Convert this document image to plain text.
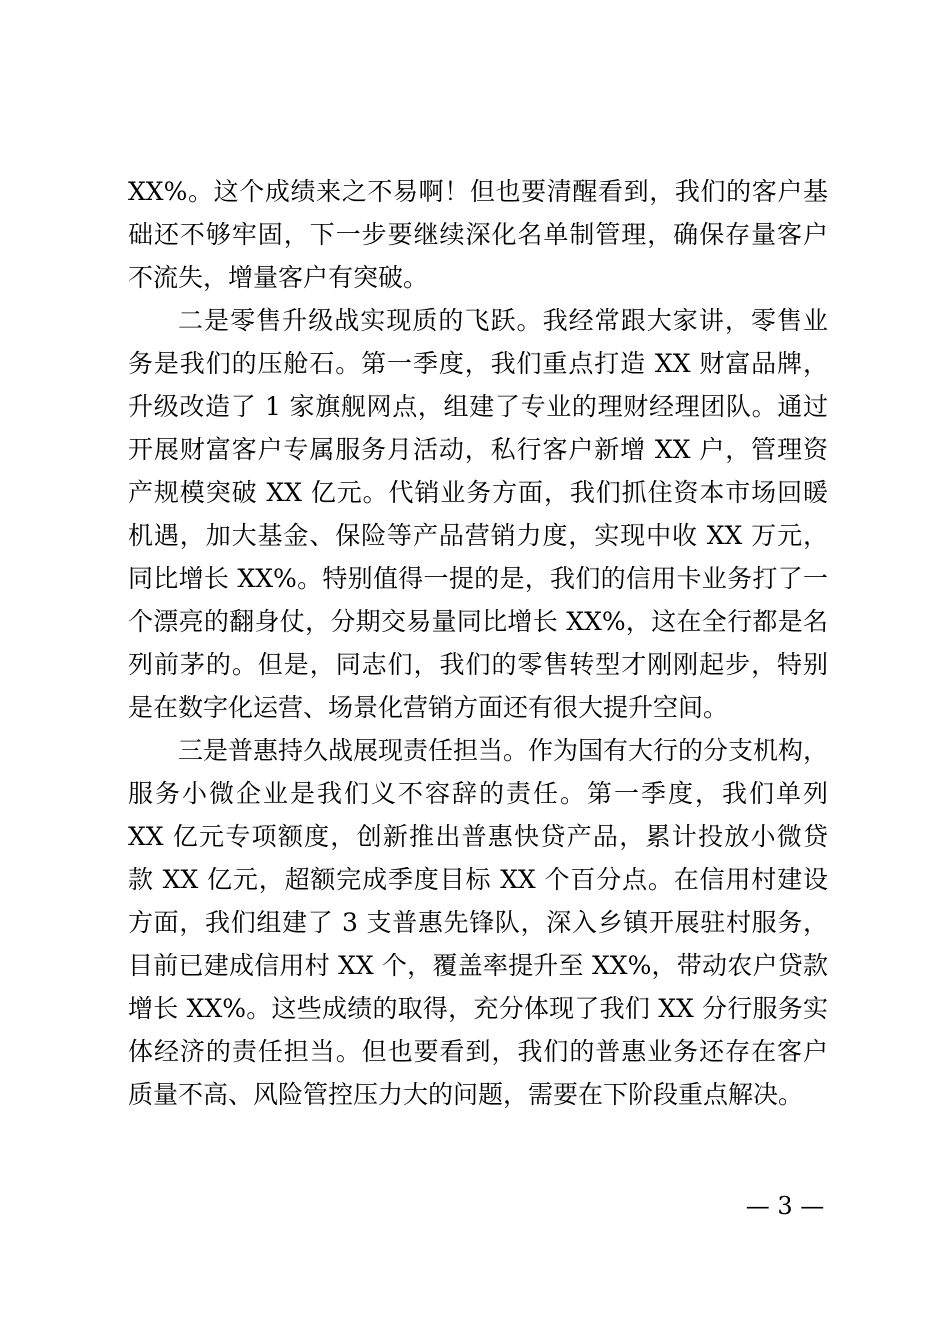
XX%。这个成绩来之不易啊！但也要清醒看到，我们的客户基
础还不够牢固，下一步要继续深化名单制管理，确保存量客户
不流失，增量客户有突破。
二是零售升级战实现质的飞跃。我经常跟大家讲，零售业
务是我们的压舱石。第一季度，我们重点打造 XX 财富品牌，
升级改造了 1 家旗舰网点，组建了专业的理财经理团队。通过
开展财富客户专属服务月活动，私行客户新增 XX 户，管理资
产规模突破 XX 亿元。代销业务方面，我们抓住资本市场回暖
机遇，加大基金、保险等产品营销力度，实现中收 XX 万元，
同比增长 XX%。特别值得一提的是，我们的信用卡业务打了一
个漂亮的翻身仗，分期交易量同比增长 XX%，这在全行都是名
列前茅的。但是，同志们，我们的零售转型才刚刚起步，特别
是在数字化运营、场景化营销方面还有很大提升空间。
三是普惠持久战展现责任担当。作为国有大行的分支机构，
服务小微企业是我们义不容辞的责任。第一季度，我们单列
XX 亿元专项额度，创新推出普惠快贷产品，累计投放小微贷
款 XX 亿元，超额完成季度目标 XX 个百分点。在信用村建设
方面，我们组建了 3 支普惠先锋队，深入乡镇开展驻村服务，
目前已建成信用村 XX 个，覆盖率提升至 XX%，带动农户贷款
增长 XX%。这些成绩的取得，充分体现了我们 XX 分行服务实
体经济的责任担当。但也要看到，我们的普惠业务还存在客户
质量不高、风险管控压力大的问题，需要在下阶段重点解决。
— 3 —
